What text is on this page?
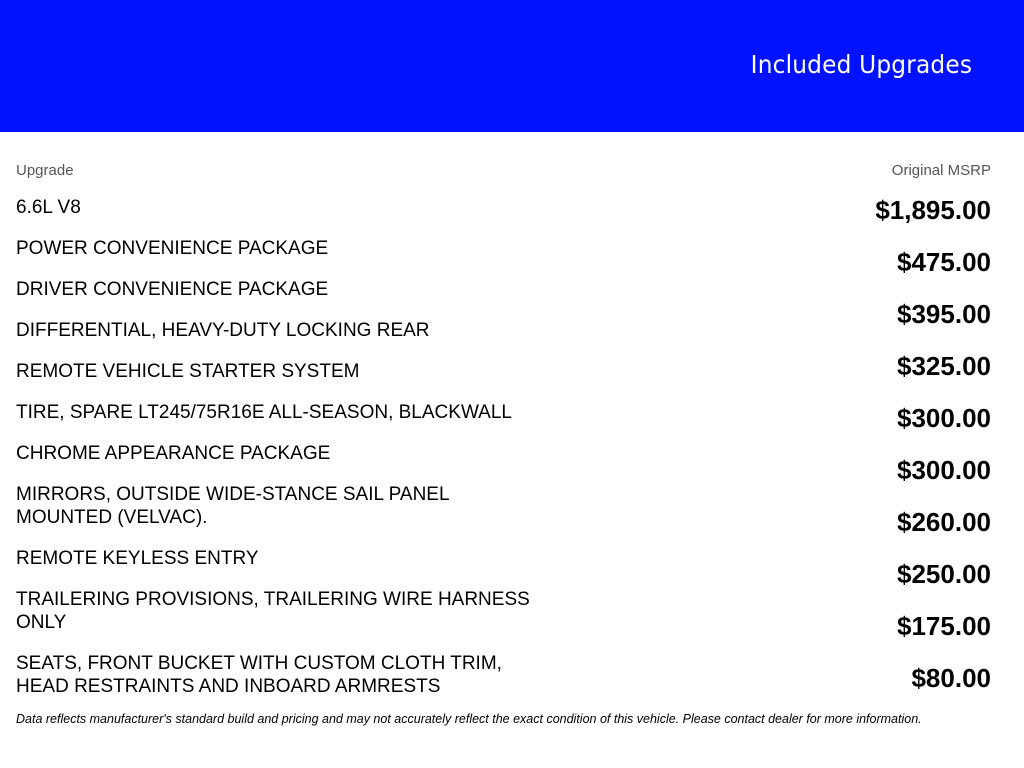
Included Upgrades
Upgrade	Original MSRP
6.6L V8
POWER CONVENIENCE PACKAGE
DRIVER CONVENIENCE PACKAGE
DIFFERENTIAL, HEAVY-DUTY LOCKING REAR
REMOTE VEHICLE STARTER SYSTEM
TIRE, SPARE LT245/75R16E ALL-SEASON, BLACKWALL
CHROME APPEARANCE PACKAGE
MIRRORS, OUTSIDE WIDE-STANCE SAIL PANEL
MOUNTED (VELVAC).
REMOTE KEYLESS ENTRY
TRAILERING PROVISIONS, TRAILERING WIRE HARNESS
ONLY
SEATS, FRONT BUCKET WITH CUSTOM CLOTH TRIM,
HEAD RESTRAINTS AND INBOARD ARMRESTS
$1,895.00
$475.00
$395.00
$325.00
$300.00
$300.00
$260.00
$250.00
$175.00
$80.00
Data reflects manufacturer's standard build and pricing and may not accurately reflect the exact condition of this vehicle. Please contact dealer for more information.
